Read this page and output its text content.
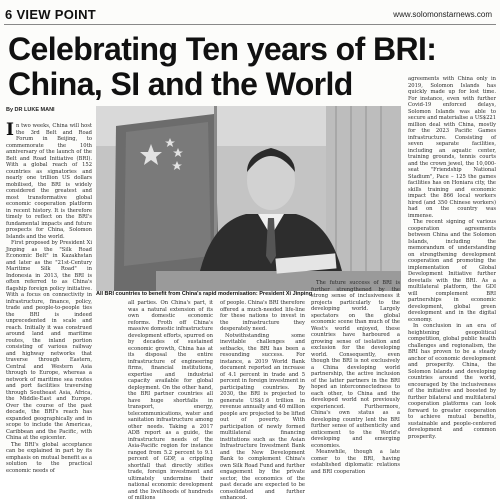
6 VIEW POINT	www.solomonstarnews.com
Celebrating Ten years of BRI:
China, SI and the World
By DR LUKE MANI

In two weeks, China will host the 3rd Belt and Road Forum in Beijing, to commemorate the 10th anniversary of the launch of the Belt and Road Initiative (BRI). With a global reach of 152 countries as signatories and nearly one trillion US dollars mobilised, the BRI is widely considered the greatest and most transformative global economic cooperation platform in recent history. It is therefore timely to reflect on the BRI's fundamental impacts and future prospects for China, Solomon Islands and the world.

First proposed by President Xi Jinping as the "Silk Road Economic Belt" in Kazakhstan and later as the "21st-Century Maritime Silk Road" in Indonesia in 2013, the BRI is often referred to as China's flagship foreign policy initiative. With a focus on connectivity in infrastructure, finance, policy, trade and people-to-people ties the BRI is indeed unprecedented in scale and reach. Initially it was construed around land and maritime routes, the inland portion consisting of various railway and highway networks that traverse through Eastern, Central and Western Asia through to Europe, whereas a network of maritime sea routes and port facilities traversing through Southeast Asia, Africa, the Middle-East and Europe. Over the course of the past decade, the BRI's reach has expanded geographically and in scope to include the Americas, Caribbean and the Pacific, with China at the epicenter.

The BRI's global acceptance can be explained in part by its emphasis on mutual benefit as a solution to the practical economic needs of

All BRI countries to benefit from China's rapid modernisation: President Xi Jinping

all parties. On China's part, it was a natural extension of its own domestic economic reforms. Froth off China's massive domestic infrastructure development efforts, spurred on by decades of sustained economic growth, China has at its disposal the entire infrastructure of engineering firms, financial institutions, expertise and industrial capacity available for global deployment. On the other hand, the BRI partner countries all have huge shortfalls in transport, energy, telecommunications, water and sanitation infrastructure among other needs. Taking a 2017 ADB report as a guide, the infrastructure needs of the Asia-Pacific region for instance ranged from 5.2 percent to 9.1 percent of GDP, a crippling shortfall that directly stifles trade, foreign investment and ultimately undermine their national economic development and the livelihoods of hundreds of millions

of people. China's BRI therefore offered a much-needed life-line for these nations to invest in the infrastructure they desperately need.

Notwithstanding some inevitable challenges and setbacks, the BRI has been a resounding success. For instance, a 2019 World Bank document reported an increase of 4.1 percent in trade and 5 percent in foreign investment in participating countries. By 2030, the BRI is projected to generate US$1.6 trillion in revenue annually and 40 million people are projected to be lifted out of poverty. With participation of newly formed multilateral financing institutions such as the Asian Infrastructure Investment Bank and the New Development Bank to complement China's own Silk Road Fund and further engagement by the private sector, the economics of the past decade are expected to be consolidated and further enhanced.

The future success of BRI is further strengthened by the strong sense of inclusiveness it projects particularly to the developing world. Largely spectators on the global economic scene than much of the West's world enjoyed, these countries have harboured a growing sense of isolation and exclusion for the developing world. Consequently, even though the BRI is not exclusively a China developing world partnership, the active inclusion of the latter partners in the BRI hoped an interconnectedness to each other, to China and the developed world not previously experienced. Furthermore, China's own status as a developing country lent the BRI further sense of authenticity and enticement to the World's developing and emerging economies.

Meanwhile, though a late comer to the BRI, having established diplomatic relations and BRI cooperation

agreements with China only in 2019, Solomon Islands has quickly made up for lost time. For instance, even with further Covid-19 enforced delays, Solomon Islands was able to secure and materialise a US$221 million deal with China, mostly for the 2023 Pacific Games infrastructure. Consisting of seven separate facilities, including an aquatic center, training grounds, tennis courts and the crown jewel, the 10,000-seat "Friendship National Stadium", Pace – 125 the games facilities has on Honiara city, the skills training and economic impact the 866 local workers hired (and 350 Chinese workers) had on the country was immense.

The recent signing of various cooperation agreements between China and the Solomon Islands, including the memorandum of understanding on strengthening development cooperation and promoting the implementation of Global Development Initiative further dovetails with the BRI. As a multilateral platform, the GDI will complement BRI partnerships in economic development, global green development and in the digital economy.

In conclusion in an era of heightening geopolitical competition, global public health challenges and regionalism, the BRI has proven to be a steady anchor of economic development and prosperity. China, the Solomon Islands and developing countries around the world, encouraged by the inclusiveness of the initiative and boosted by further bilateral and multilateral cooperation platforms can look forward to greater cooperation to achieve mutual benefits, sustainable and people-centered development and common prosperity.
